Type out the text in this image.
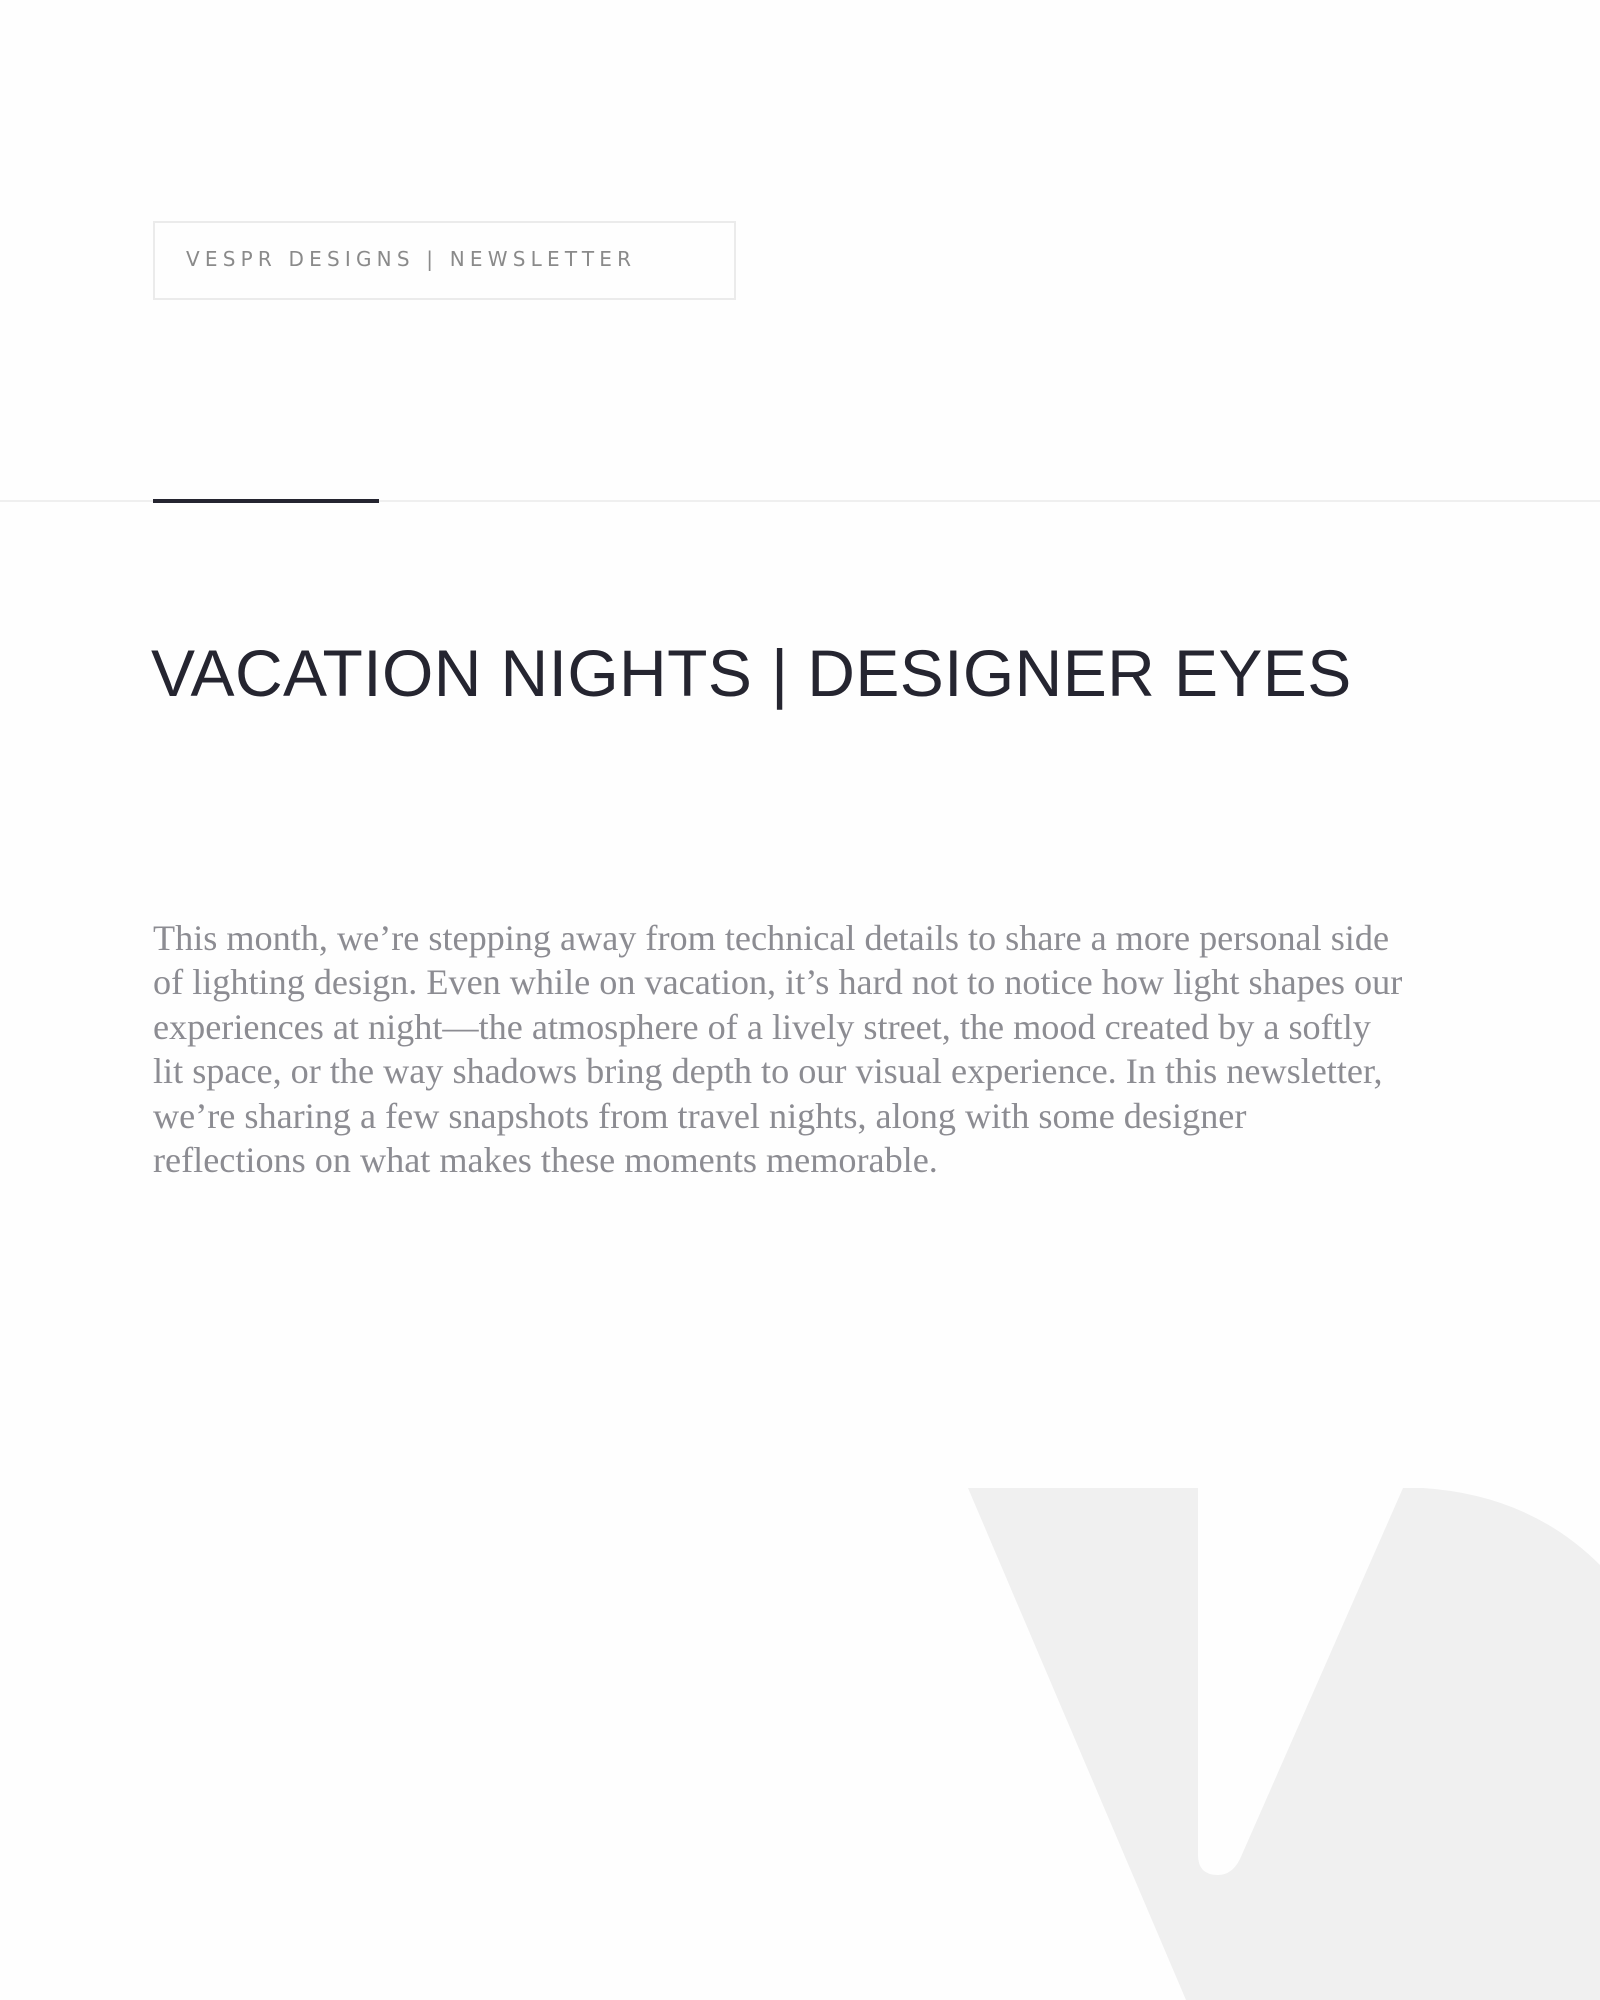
VESPR DESIGNS | NEWSLETTER
VACATION NIGHTS | DESIGNER EYES

This month, we’re stepping away from technical details to share a more personal side
of lighting design. Even while on vacation, it’s hard not to notice how light shapes our
experiences at night—the atmosphere of a lively street, the mood created by a softly
lit space, or the way shadows bring depth to our visual experience. In this newsletter,
we’re sharing a few snapshots from travel nights, along with some designer
reflections on what makes these moments memorable.
